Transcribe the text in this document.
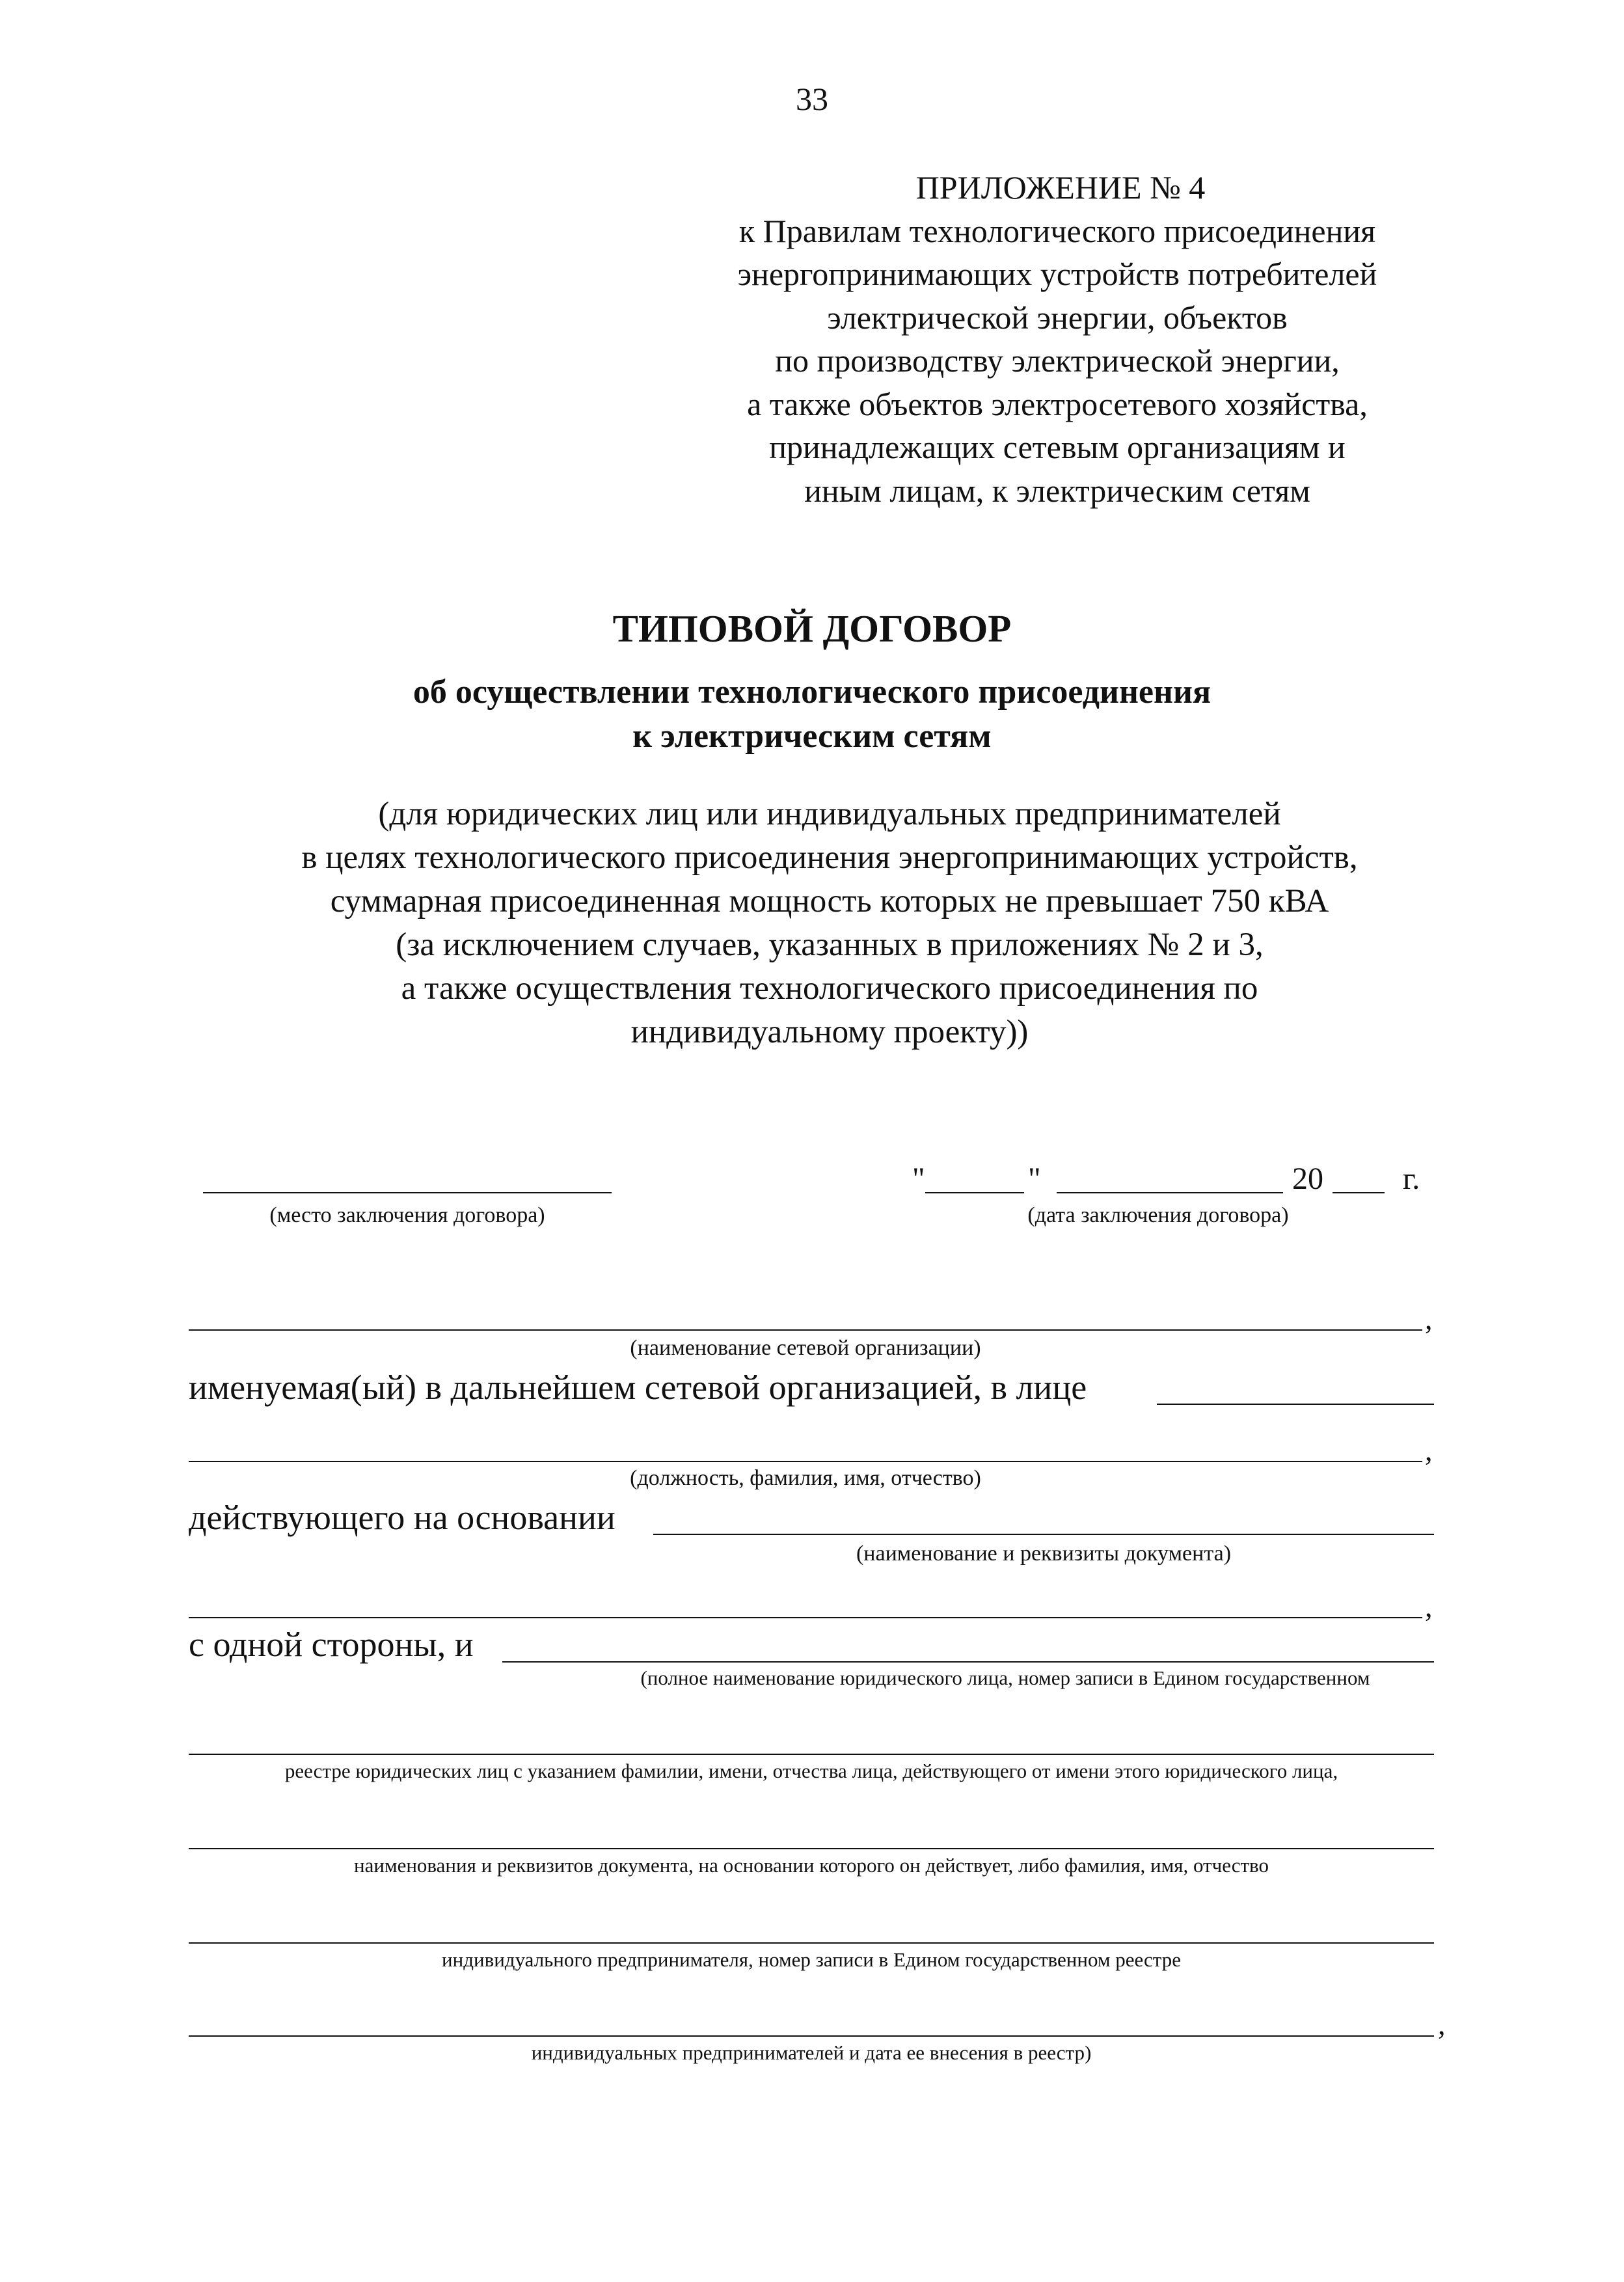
33
ПРИЛОЖЕНИЕ № 4
к Правилам технологического присоединения
энергопринимающих устройств потребителей
электрической энергии, объектов
по производству электрической энергии,
а также объектов электросетевого хозяйства,
принадлежащих сетевым организациям и
иным лицам, к электрическим сетям
ТИПОВОЙ ДОГОВОР
об осуществлении технологического присоединения
к электрическим сетям
(для юридических лиц или индивидуальных предпринимателей
в целях технологического присоединения энергопринимающих устройств,
суммарная присоединенная мощность которых не превышает 750 кВА
(за исключением случаев, указанных в приложениях № 2 и 3,
а также осуществления технологического присоединения по
индивидуальному проекту))
(место заключения договора)
"	"	20	г.
(дата заключения договора)
,
(наименование сетевой организации)
именуемая(ый) в дальнейшем сетевой организацией, в лице
,
(должность, фамилия, имя, отчество)
действующего на основании
(наименование и реквизиты документа)
,
с одной стороны, и
(полное наименование юридического лица, номер записи в Едином государственном
реестре юридических лиц с указанием фамилии, имени, отчества лица, действующего от имени этого юридического лица,
наименования и реквизитов документа, на основании которого он действует, либо фамилия, имя, отчество
индивидуального предпринимателя, номер записи в Едином государственном реестре
,
индивидуальных предпринимателей и дата ее внесения в реестр)
